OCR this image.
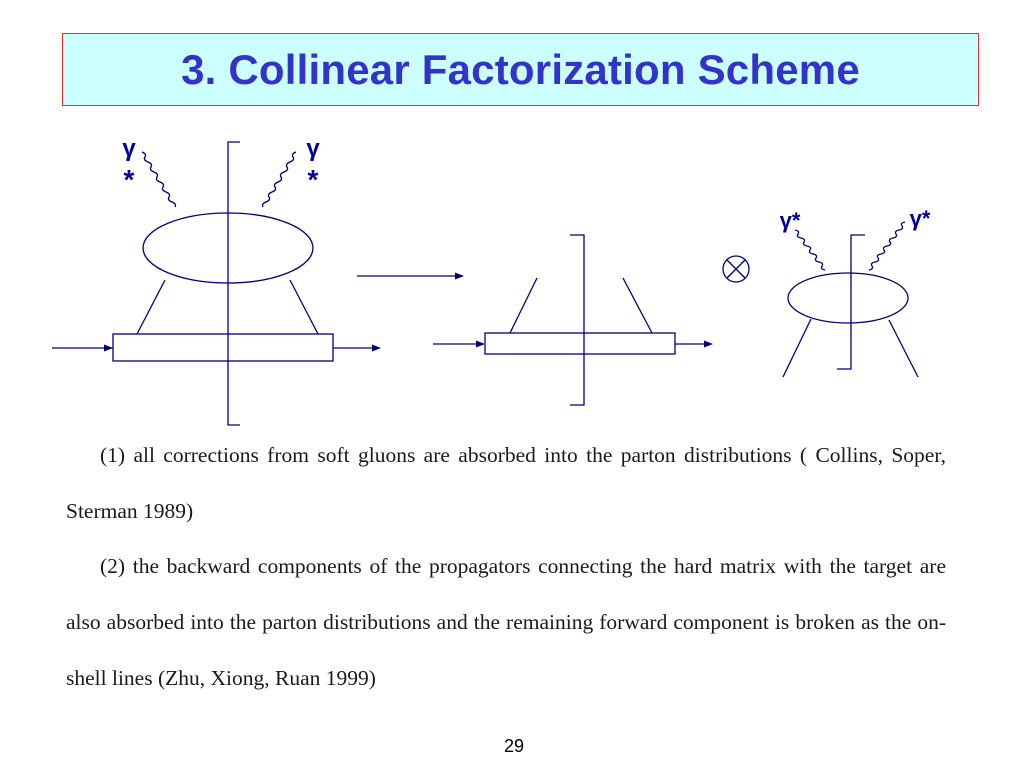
3. Collinear Factorization Scheme
γ
*
γ
*
γ*	γ*
(1) all corrections from soft gluons are absorbed into the parton distributions ( Collins, Soper, Sterman 1989)
(2) the backward components of the propagators connecting the hard matrix with the target are also absorbed into the parton distributions and the remaining forward component is broken as the on-shell lines (Zhu, Xiong, Ruan 1999)
29
